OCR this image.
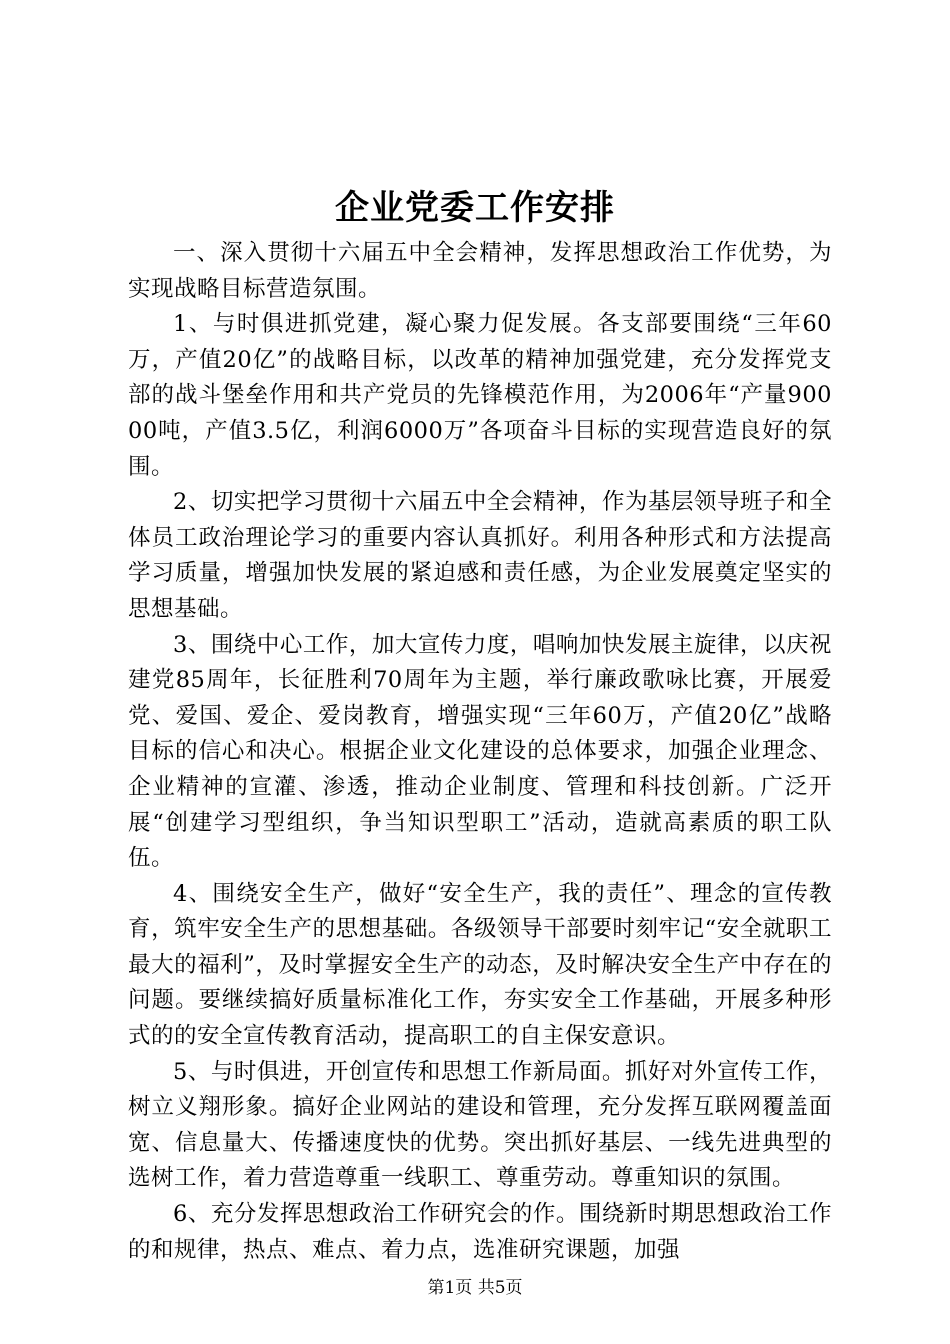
企业党委工作安排

一、深入贯彻十六届五中全会精神，发挥思想政治工作优势，为实现战略目标营造氛围。

1、与时俱进抓党建，凝心聚力促发展。各支部要围绕“三年60万，产值20亿”的战略目标，以改革的精神加强党建，充分发挥党支部的战斗堡垒作用和共产党员的先锋模范作用，为2006年“产量90000吨，产值3.5亿，利润6000万”各项奋斗目标的实现营造良好的氛围。

2、切实把学习贯彻十六届五中全会精神，作为基层领导班子和全体员工政治理论学习的重要内容认真抓好。利用各种形式和方法提高学习质量，增强加快发展的紧迫感和责任感，为企业发展奠定坚实的思想基础。

3、围绕中心工作，加大宣传力度，唱响加快发展主旋律，以庆祝建党85周年，长征胜利70周年为主题，举行廉政歌咏比赛，开展爱党、爱国、爱企、爱岗教育，增强实现“三年60万，产值20亿”战略目标的信心和决心。根据企业文化建设的总体要求，加强企业理念、企业精神的宣灌、渗透，推动企业制度、管理和科技创新。广泛开展“创建学习型组织，争当知识型职工”活动，造就高素质的职工队伍。

4、围绕安全生产，做好“安全生产，我的责任”、理念的宣传教育，筑牢安全生产的思想基础。各级领导干部要时刻牢记“安全就职工最大的福利”，及时掌握安全生产的动态，及时解决安全生产中存在的问题。要继续搞好质量标准化工作，夯实安全工作基础，开展多种形式的的安全宣传教育活动，提高职工的自主保安意识。

5、与时俱进，开创宣传和思想工作新局面。抓好对外宣传工作，树立义翔形象。搞好企业网站的建设和管理，充分发挥互联网覆盖面宽、信息量大、传播速度快的优势。突出抓好基层、一线先进典型的选树工作，着力营造尊重一线职工、尊重劳动。尊重知识的氛围。

6、充分发挥思想政治工作研究会的作。围绕新时期思想政治工作的和规律，热点、难点、着力点，选准研究课题，加强

第1页 共5页
